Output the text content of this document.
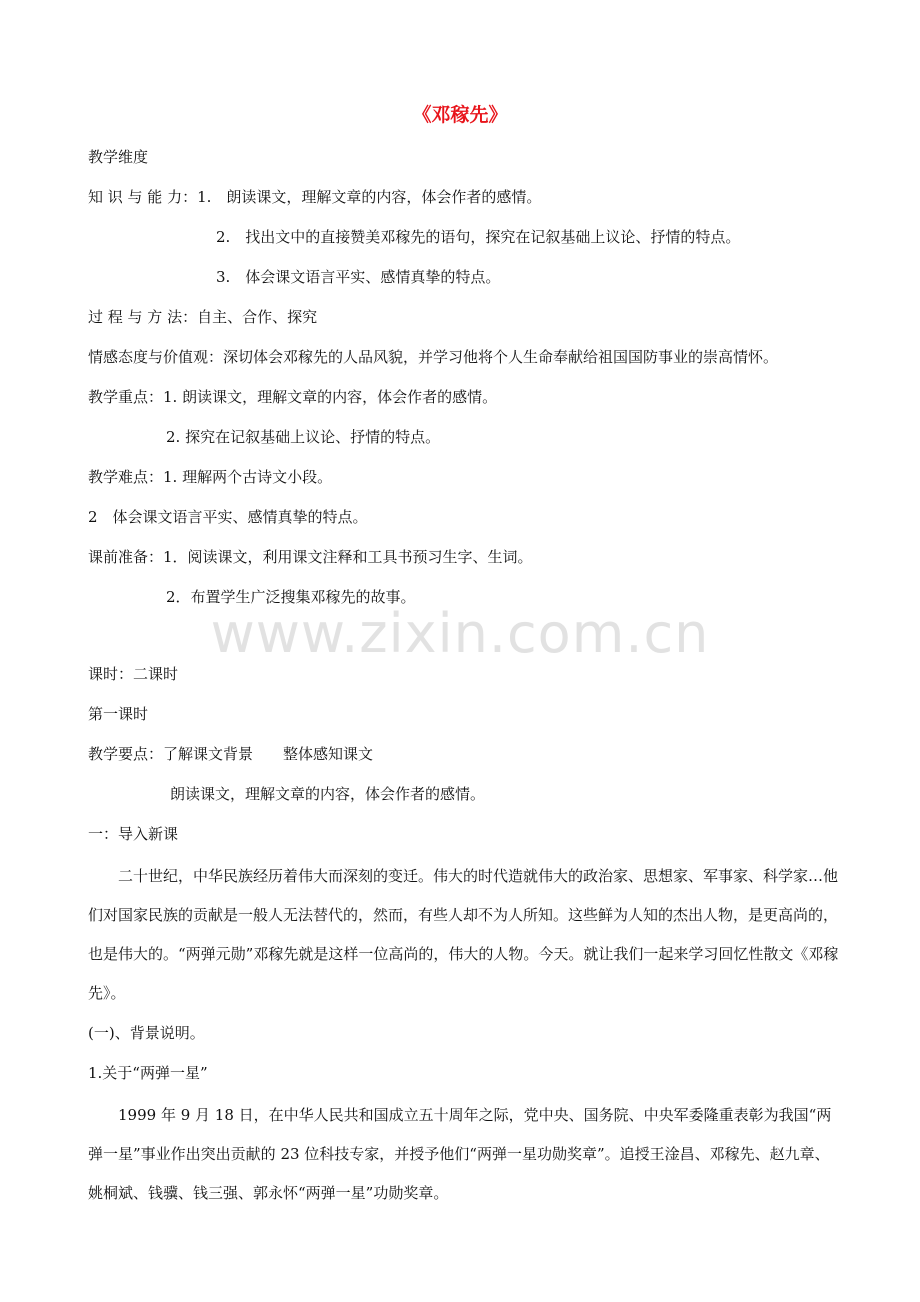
www.zixin.com.cn
《邓稼先》

教学维度

知 识 与 能 力：1.　朗读课文，理解文章的内容，体会作者的感情。

2.　找出文中的直接赞美邓稼先的语句，探究在记叙基础上议论、抒情的特点。

3.　体会课文语言平实、感情真挚的特点。

过 程 与 方 法：自主、合作、探究

情感态度与价值观：深切体会邓稼先的人品风貌，并学习他将个人生命奉献给祖国国防事业的崇高情怀。

教学重点：1. 朗读课文，理解文章的内容，体会作者的感情。

2. 探究在记叙基础上议论、抒情的特点。

教学难点：1. 理解两个古诗文小段。

2　体会课文语言平实、感情真挚的特点。

课前准备：1．阅读课文，利用课文注释和工具书预习生字、生词。

2．布置学生广泛搜集邓稼先的故事。

课时：二课时

第一课时

教学要点：了解课文背景 整体感知课文

朗读课文，理解文章的内容，体会作者的感情。

一：导入新课

二十世纪，中华民族经历着伟大而深刻的变迁。伟大的时代造就伟大的政治家、思想家、军事家、科学家…他们对国家民族的贡献是一般人无法替代的，然而，有些人却不为人所知。这些鲜为人知的杰出人物，是更高尚的，也是伟大的。“两弹元勋”邓稼先就是这样一位高尚的，伟大的人物。今天。就让我们一起来学习回忆性散文《邓稼先》。

(一)、背景说明。

1.关于“两弹一星”

1999 年 9 月 18 日，在中华人民共和国成立五十周年之际，党中央、国务院、中央军委隆重表彰为我国“两弹一星”事业作出突出贡献的 23 位科技专家，并授予他们“两弹一星功勋奖章”。追授王淦昌、邓稼先、赵九章、姚桐斌、钱骥、钱三强、郭永怀“两弹一星”功勋奖章。
